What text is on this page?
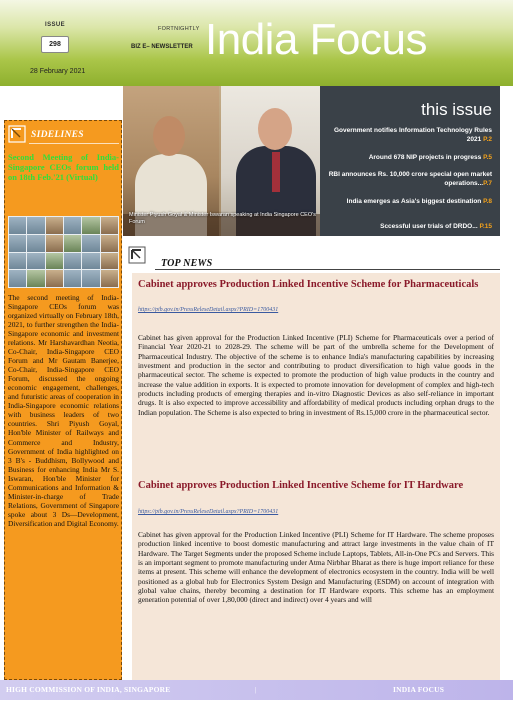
ISSUE
298
28 February 2021
FORTNIGHTLY
BIZ E– NEWSLETTER India Focus
Minister Piyush Goyal & Minister Iswaran speaking at India Singapore CEO's Forum
this issue
Government notifies Information Technology Rules 2021 P.2
Around 678 NIP projects in progress P.5
RBI announces Rs. 10,000 crore special open market operations...P.7
India emerges as Asia's biggest destination P.8
Sccessful user trials of DRDO... P.15
SIDELINES
Second Meeting of India-Singapore CEOs forum held on 18th Feb.'21 (Virtual)
The second meeting of India-Singapore CEOs forum was organized virtually on February 18th, 2021, to further strengthen the India- Singapore economic and investment relations. Mr Harshavardhan Neotia, Co-Chair, India-Singapore CEO Forum and Mr Gautam Banerjee, Co-Chair, India-Singapore CEO Forum, discussed the ongoing economic engagement, challenges, and futuristic areas of cooperation in India-Singapore economic relations with business leaders of two countries. Shri Piyush Goyal, Hon'ble Minister of Railways and Commerce and Industry, Government of India highlighted on 3 B's - Buddhism, Bollywood and Business for enhancing India Mr S. Iswaran, Hon'ble Minister for Communications and Information & Minister-in-charge of Trade Relations, Government of Singapore spoke about 3 Ds—Development, Diversification and Digital Economy.
TOP NEWS
Cabinet approves Production Linked Incentive Scheme for Pharmaceuticals
https://pib.gov.in/PressReleseDetail.aspx?PRID=1700431
Cabinet has given approval for the Production Linked Incentive (PLI) Scheme for Pharmaceuticals over a period of Financial Year 2020-21 to 2028-29. The scheme will be part of the umbrella scheme for the Development of Pharmaceutical Industry. The objective of the scheme is to enhance India's manufacturing capabilities by increasing investment and production in the sector and contributing to product diversification to high value goods in the pharmaceutical sector. The scheme is expected to promote the production of high value products in the country and increase the value addition in exports. It is expected to promote innovation for development of complex and high-tech products including products of emerging therapies and in-vitro Diagnostic Devices as also self-reliance in important drugs. It is also expected to improve accessibility and affordability of medical products including orphan drugs to the Indian population. The Scheme is also expected to bring in investment of Rs.15,000 crore in the pharmaceutical sector.
Cabinet approves Production Linked Incentive Scheme for IT Hardware
https://pib.gov.in/PressReleseDetail.aspx?PRID=1700431
Cabinet has given approval for the Production Linked Incentive (PLI) Scheme for IT Hardware. The scheme proposes production linked incentive to boost domestic manufacturing and attract large investments in the value chain of IT Hardware. The Target Segments under the proposed Scheme include Laptops, Tablets, All-in-One PCs and Servers. This is an important segment to promote manufacturing under Atma Nirbhar Bharat as there is huge import reliance for these items at present. This scheme will enhance the development of electronics ecosystem in the country. India will be well positioned as a global hub for Electronics System Design and Manufacturing (ESDM) on account of integration with global value chains, thereby becoming a destination for IT Hardware exports. This scheme has an employment generation potential of over 1,80,000 (direct and indirect) over 4 years and will
HIGH COMMISSION OF INDIA, SINGAPORE	|	INDIA FOCUS
